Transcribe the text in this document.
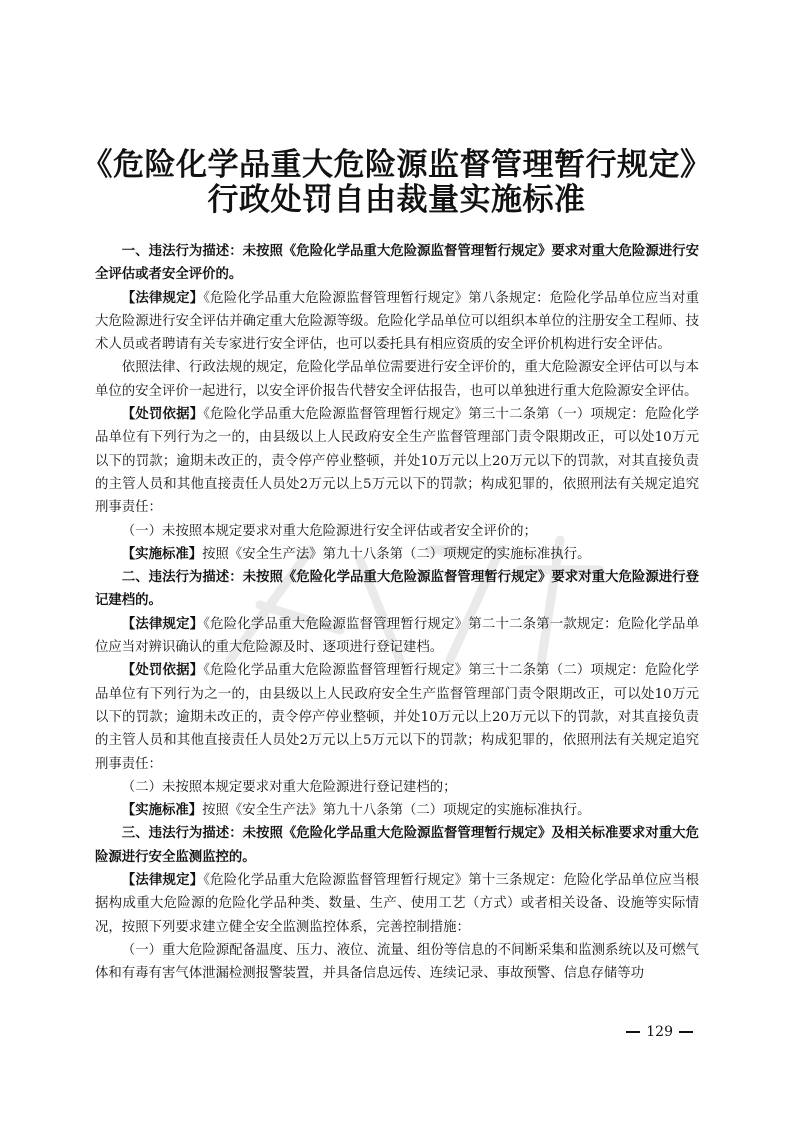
《危险化学品重大危险源监督管理暂行规定》
行政处罚自由裁量实施标准

一、违法行为描述：未按照《危险化学品重大危险源监督管理暂行规定》要求对重大危险源进行安全评估或者安全评价的。

【法律规定】《危险化学品重大危险源监督管理暂行规定》第八条规定：危险化学品单位应当对重大危险源进行安全评估并确定重大危险源等级。危险化学品单位可以组织本单位的注册安全工程师、技术人员或者聘请有关专家进行安全评估，也可以委托具有相应资质的安全评价机构进行安全评估。

依照法律、行政法规的规定，危险化学品单位需要进行安全评价的，重大危险源安全评估可以与本单位的安全评价一起进行，以安全评价报告代替安全评估报告，也可以单独进行重大危险源安全评估。

【处罚依据】《危险化学品重大危险源监督管理暂行规定》第三十二条第（一）项规定：危险化学品单位有下列行为之一的，由县级以上人民政府安全生产监督管理部门责令限期改正，可以处10万元以下的罚款；逾期未改正的，责令停产停业整顿，并处10万元以上20万元以下的罚款，对其直接负责的主管人员和其他直接责任人员处2万元以上5万元以下的罚款；构成犯罪的，依照刑法有关规定追究刑事责任：

（一）未按照本规定要求对重大危险源进行安全评估或者安全评价的；

【实施标准】按照《安全生产法》第九十八条第（二）项规定的实施标准执行。

二、违法行为描述：未按照《危险化学品重大危险源监督管理暂行规定》要求对重大危险源进行登记建档的。

【法律规定】《危险化学品重大危险源监督管理暂行规定》第二十二条第一款规定：危险化学品单位应当对辨识确认的重大危险源及时、逐项进行登记建档。

【处罚依据】《危险化学品重大危险源监督管理暂行规定》第三十二条第（二）项规定：危险化学品单位有下列行为之一的，由县级以上人民政府安全生产监督管理部门责令限期改正，可以处10万元以下的罚款；逾期未改正的，责令停产停业整顿，并处10万元以上20万元以下的罚款，对其直接负责的主管人员和其他直接责任人员处2万元以上5万元以下的罚款；构成犯罪的，依照刑法有关规定追究刑事责任：

（二）未按照本规定要求对重大危险源进行登记建档的；

【实施标准】按照《安全生产法》第九十八条第（二）项规定的实施标准执行。

三、违法行为描述：未按照《危险化学品重大危险源监督管理暂行规定》及相关标准要求对重大危险源进行安全监测监控的。

【法律规定】《危险化学品重大危险源监督管理暂行规定》第十三条规定：危险化学品单位应当根据构成重大危险源的危险化学品种类、数量、生产、使用工艺（方式）或者相关设备、设施等实际情况，按照下列要求建立健全安全监测监控体系，完善控制措施：

（一）重大危险源配备温度、压力、液位、流量、组份等信息的不间断采集和监测系统以及可燃气体和有毒有害气体泄漏检测报警装置，并具备信息远传、连续记录、事故预警、信息存储等功

129
